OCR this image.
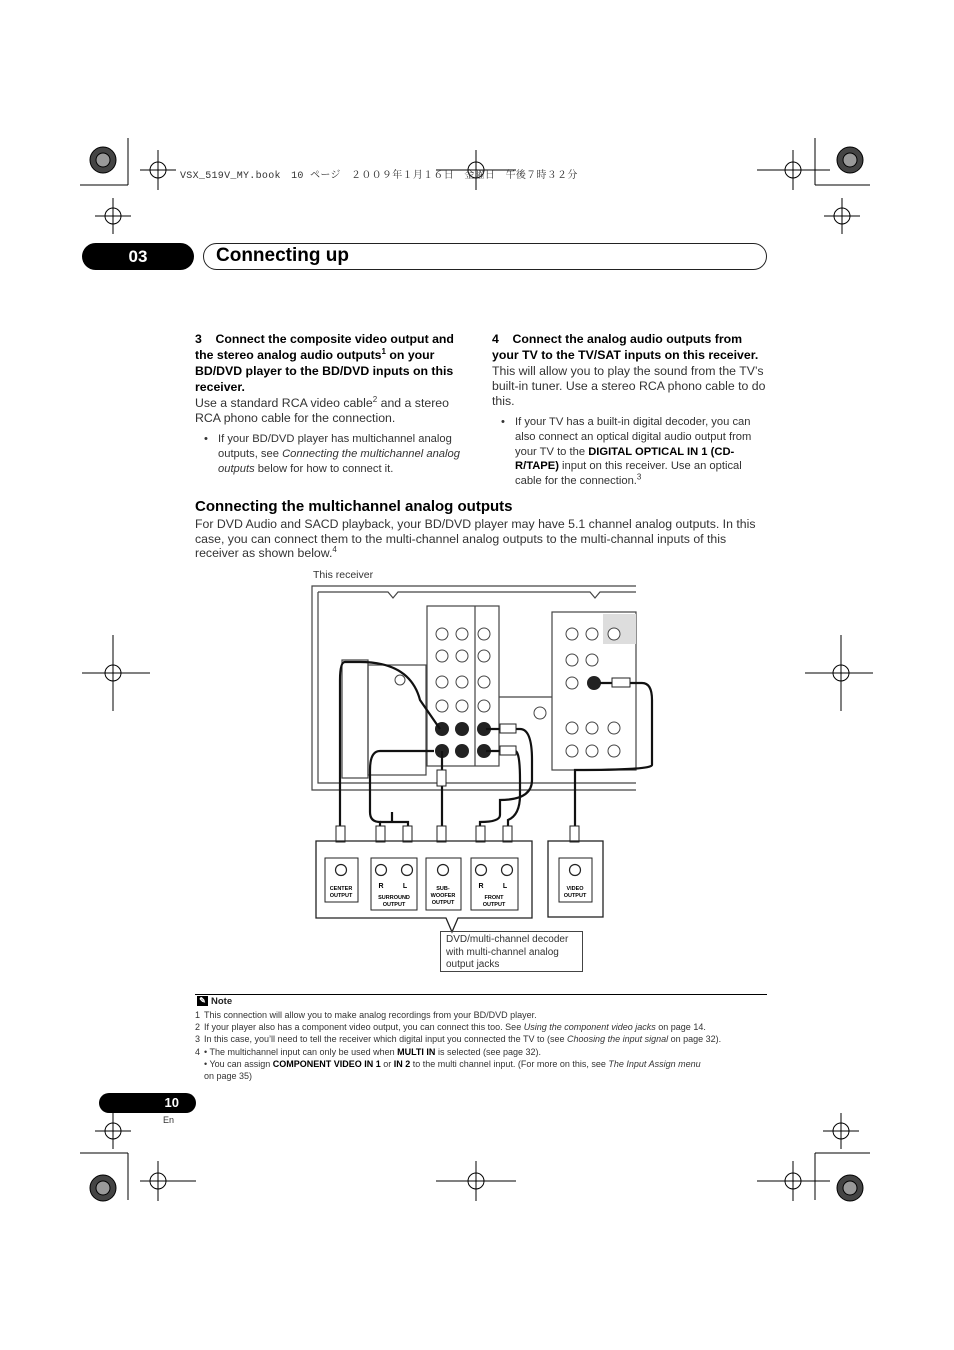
VSX_519V_MY.book　10 ページ　２００９年１月１６日　金曜日　午後７時３２分
03	Connecting up
3 Connect the composite video output and the stereo analog audio outputs$^1$ on your BD/DVD player to the BD/DVD inputs on this receiver.
Use a standard RCA video cable$^2$ and a stereo RCA phono cable for the connection.
• If your BD/DVD player has multichannel analog outputs, see Connecting the multichannel analog outputs below for how to connect it.
4 Connect the analog audio outputs from your TV to the TV/SAT inputs on this receiver.
This will allow you to play the sound from the TV’s built-in tuner. Use a stereo RCA phono cable to do this.
• If your TV has a built-in digital decoder, you can also connect an optical digital audio output from your TV to the DIGITAL OPTICAL IN 1 (CD-R/TAPE) input on this receiver. Use an optical cable for the connection.$^3$
Connecting the multichannel analog outputs
For DVD Audio and SACD playback, your BD/DVD player may have 5.1 channel analog outputs. In this case, you can connect them to the multi-channel analog outputs to the multi-channal inputs of this receiver as shown below.$^4$
This receiver
CENTER
OUTPUT
R	L
SURROUND
OUTPUT
SUB-
WOOFER
OUTPUT
R	L
FRONT
OUTPUT
VIDEO
OUTPUT
DVD/multi-channel decoder
with multi-channel analog
output jacks
✎ Note
1 This connection will allow you to make analog recordings from your BD/DVD player.
2 If your player also has a component video output, you can connect this too. See Using the component video jacks on page 14.
3 In this case, you’ll need to tell the receiver which digital input you connected the TV to (see Choosing the input signal on page 32).
4 • The multichannel input can only be used when MULTI IN is selected (see page 32).
• You can assign COMPONENT VIDEO IN 1 or IN 2 to the multi channel input. (For more on this, see The Input Assign menu
on page 35)
10
En
